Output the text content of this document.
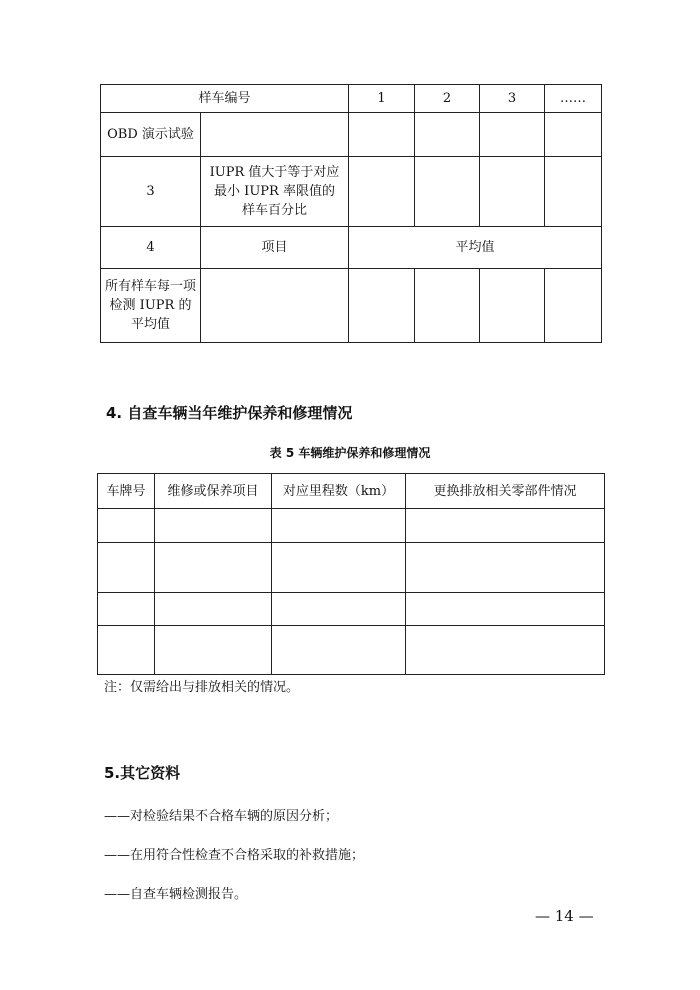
样车编号		1	2	3	……
OBD 演示试验					
3	IUPR 值大于等于对应最小 IUPR 率限值的样车百分比				
4	项目	平均值			
所有样车每一项检测 IUPR 的平均值					
4. 自查车辆当年维护保养和修理情况
表 5 车辆维护保养和修理情况
车牌号	维修或保养项目	对应里程数（km）	更换排放相关零部件情况

注：仅需给出与排放相关的情况。
5.其它资料
——对检验结果不合格车辆的原因分析；
——在用符合性检查不合格采取的补救措施；
——自查车辆检测报告。
— 14 —
